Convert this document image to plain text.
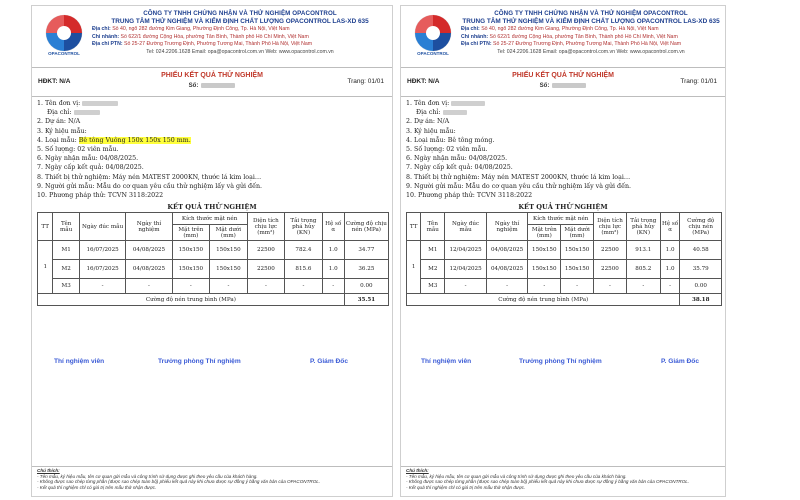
OPACONTROL
CÔNG TY TNHH CHỨNG NHẬN VÀ THỬ NGHIỆM OPACONTROL
TRUNG TÂM THỬ NGHIỆM VÀ KIỂM ĐỊNH CHẤT LƯỢNG OPACONTROL LAS-XD 635
Địa chỉ: Số 40, ngõ 282 đường Kim Giang, Phường Định Công, Tp. Hà Nội, Việt Nam
Chi nhánh: Số 622/1 đường Cộng Hòa, phường Tân Bình, Thành phố Hồ Chí Minh, Việt Nam
Địa chỉ PTN: Số 25-27 Đường Trương Định, Phường Tương Mai, Thành Phố Hà Nội, Việt Nam
Tel: 024.2206.1628 Email: opa@opacontrol.com.vn Web: www.opacontrol.com.vn
HĐKT: N/A
PHIẾU KẾT QUẢ THỬ NGHIỆM
Số:
Trang: 01/01
1. Tên đơn vị:
Địa chỉ:
2. Dự án: N/A
3. Ký hiệu mẫu:
4. Loại mẫu: Bê tông Vuông 150x 150x 150 mm.
5. Số lượng: 02 viên mẫu.
6. Ngày nhận mẫu: 04/08/2025.
7. Ngày cấp kết quả: 04/08/2025.
8. Thiết bị thử nghiệm: Máy nén MATEST 2000KN, thước lá kim loại…
9. Người gửi mẫu: Mẫu do cơ quan yêu cầu thử nghiệm lấy và gửi đến.
10. Phương pháp thử: TCVN 3118:2022
KẾT QUẢ THỬ NGHIỆM
TT	Tên mẫu	Ngày đúc mẫu	Ngày thí nghiệm	Kích thước mặt nén		Diện tích chịu lực (mm²)	Tải trọng phá hủy (KN)	Hệ số α	Cường độ chịu nén (MPa)
				Mặt trên (mm)	Mặt dưới (mm)				
1	M1	16/07/2025	04/08/2025	150x150	150x150	22500	782.4	1.0	34.77
	M2	16/07/2025	04/08/2025	150x150	150x150	22500	815.6	1.0	36.25
	M3	-	-	-	-	-	-	-	0.00
Cường độ nén trung bình (MPa)									35.51
Thí nghiệm viên	Trưởng phòng Thí nghiệm	P. Giám Đốc
Chú thích:
- Tên mẫu, ký hiệu mẫu, tên cơ quan gửi mẫu và công trình sử dụng được ghi theo yêu cầu của khách hàng.
- Không được sao chép từng phần (được sao chép toàn bộ) phiếu kết quả này khi chưa được sự đồng ý bằng văn bản của OPACONTROL.
- Kết quả thí nghiệm chỉ có giá trị trên mẫu thử nhận được.
OPACONTROL
CÔNG TY TNHH CHỨNG NHẬN VÀ THỬ NGHIỆM OPACONTROL
TRUNG TÂM THỬ NGHIỆM VÀ KIỂM ĐỊNH CHẤT LƯỢNG OPACONTROL LAS-XD 635
Địa chỉ: Số 40, ngõ 282 đường Kim Giang, Phường Định Công, Tp. Hà Nội, Việt Nam
Chi nhánh: Số 622/1 đường Cộng Hòa, phường Tân Bình, Thành phố Hồ Chí Minh, Việt Nam
Địa chỉ PTN: Số 25-27 Đường Trương Định, Phường Tương Mai, Thành Phố Hà Nội, Việt Nam
Tel: 024.2206.1628 Email: opa@opacontrol.com.vn Web: www.opacontrol.com.vn
HĐKT: N/A
PHIẾU KẾT QUẢ THỬ NGHIỆM
Số:
Trang: 01/01
1. Tên đơn vị:
Địa chỉ:
2. Dự án: N/A
3. Ký hiệu mẫu:
4. Loại mẫu: Bê tông móng.
5. Số lượng: 02 viên mẫu.
6. Ngày nhận mẫu: 04/08/2025.
7. Ngày cấp kết quả: 04/08/2025.
8. Thiết bị thử nghiệm: Máy nén MATEST 2000KN, thước lá kim loại…
9. Người gửi mẫu: Mẫu do cơ quan yêu cầu thử nghiệm lấy và gửi đến.
10. Phương pháp thử: TCVN 3118:2022
KẾT QUẢ THỬ NGHIỆM
TT	Tên mẫu	Ngày đúc mẫu	Ngày thí nghiệm	Kích thước mặt nén		Diện tích chịu lực (mm²)	Tải trọng phá hủy (KN)	Hệ số α	Cường độ chịu nén (MPa)
				Mặt trên (mm)	Mặt dưới (mm)				
1	M1	12/04/2025	04/08/2025	150x150	150x150	22500	913.1	1.0	40.58
	M2	12/04/2025	04/08/2025	150x150	150x150	22500	805.2	1.0	35.79
	M3	-	-	-	-	-	-	-	0.00
Cường độ nén trung bình (MPa)									38.18
Thí nghiệm viên	Trưởng phòng Thí nghiệm	P. Giám Đốc
Chú thích:
- Tên mẫu, ký hiệu mẫu, tên cơ quan gửi mẫu và công trình sử dụng được ghi theo yêu cầu của khách hàng.
- Không được sao chép từng phần (được sao chép toàn bộ) phiếu kết quả này khi chưa được sự đồng ý bằng văn bản của OPACONTROL.
- Kết quả thí nghiệm chỉ có giá trị trên mẫu thử nhận được.
